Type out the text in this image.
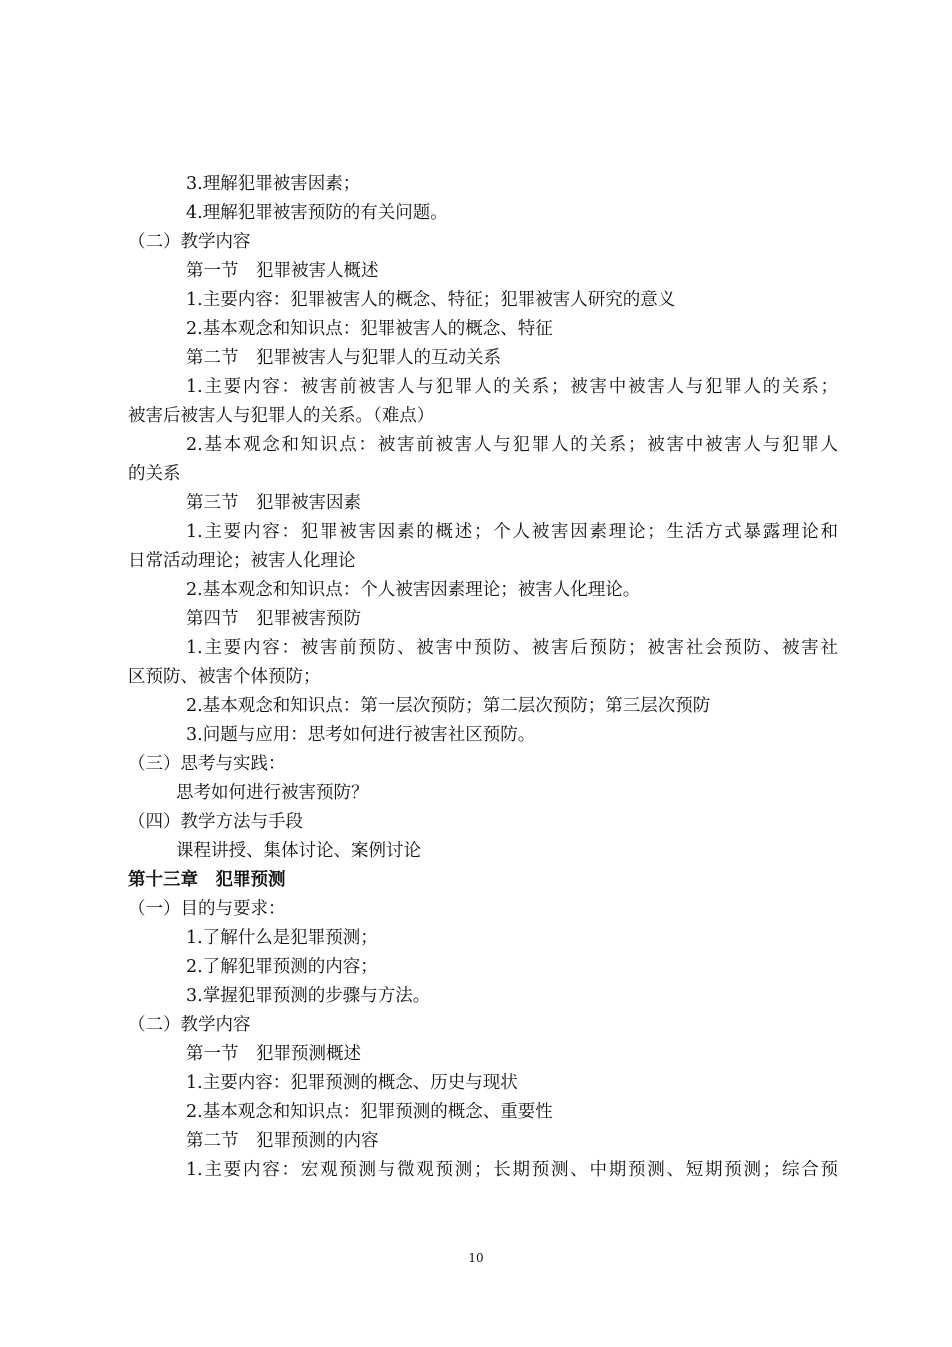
3.理解犯罪被害因素；
4.理解犯罪被害预防的有关问题。
（二）教学内容
第一节　犯罪被害人概述
1.主要内容：犯罪被害人的概念、特征；犯罪被害人研究的意义
2.基本观念和知识点：犯罪被害人的概念、特征
第二节　犯罪被害人与犯罪人的互动关系
1.主要内容：被害前被害人与犯罪人的关系；被害中被害人与犯罪人的关系；
被害后被害人与犯罪人的关系。（难点）
2.基本观念和知识点：被害前被害人与犯罪人的关系；被害中被害人与犯罪人
的关系
第三节　犯罪被害因素
1.主要内容：犯罪被害因素的概述；个人被害因素理论；生活方式暴露理论和
日常活动理论；被害人化理论
2.基本观念和知识点：个人被害因素理论；被害人化理论。
第四节　犯罪被害预防
1.主要内容：被害前预防、被害中预防、被害后预防；被害社会预防、被害社
区预防、被害个体预防；
2.基本观念和知识点：第一层次预防；第二层次预防；第三层次预防
3.问题与应用：思考如何进行被害社区预防。
（三）思考与实践：
思考如何进行被害预防？
（四）教学方法与手段
课程讲授、集体讨论、案例讨论
第十三章　犯罪预测
（一）目的与要求：
1.了解什么是犯罪预测；
2.了解犯罪预测的内容；
3.掌握犯罪预测的步骤与方法。
（二）教学内容
第一节　犯罪预测概述
1.主要内容：犯罪预测的概念、历史与现状
2.基本观念和知识点：犯罪预测的概念、重要性
第二节　犯罪预测的内容
1.主要内容：宏观预测与微观预测；长期预测、中期预测、短期预测；综合预
10
